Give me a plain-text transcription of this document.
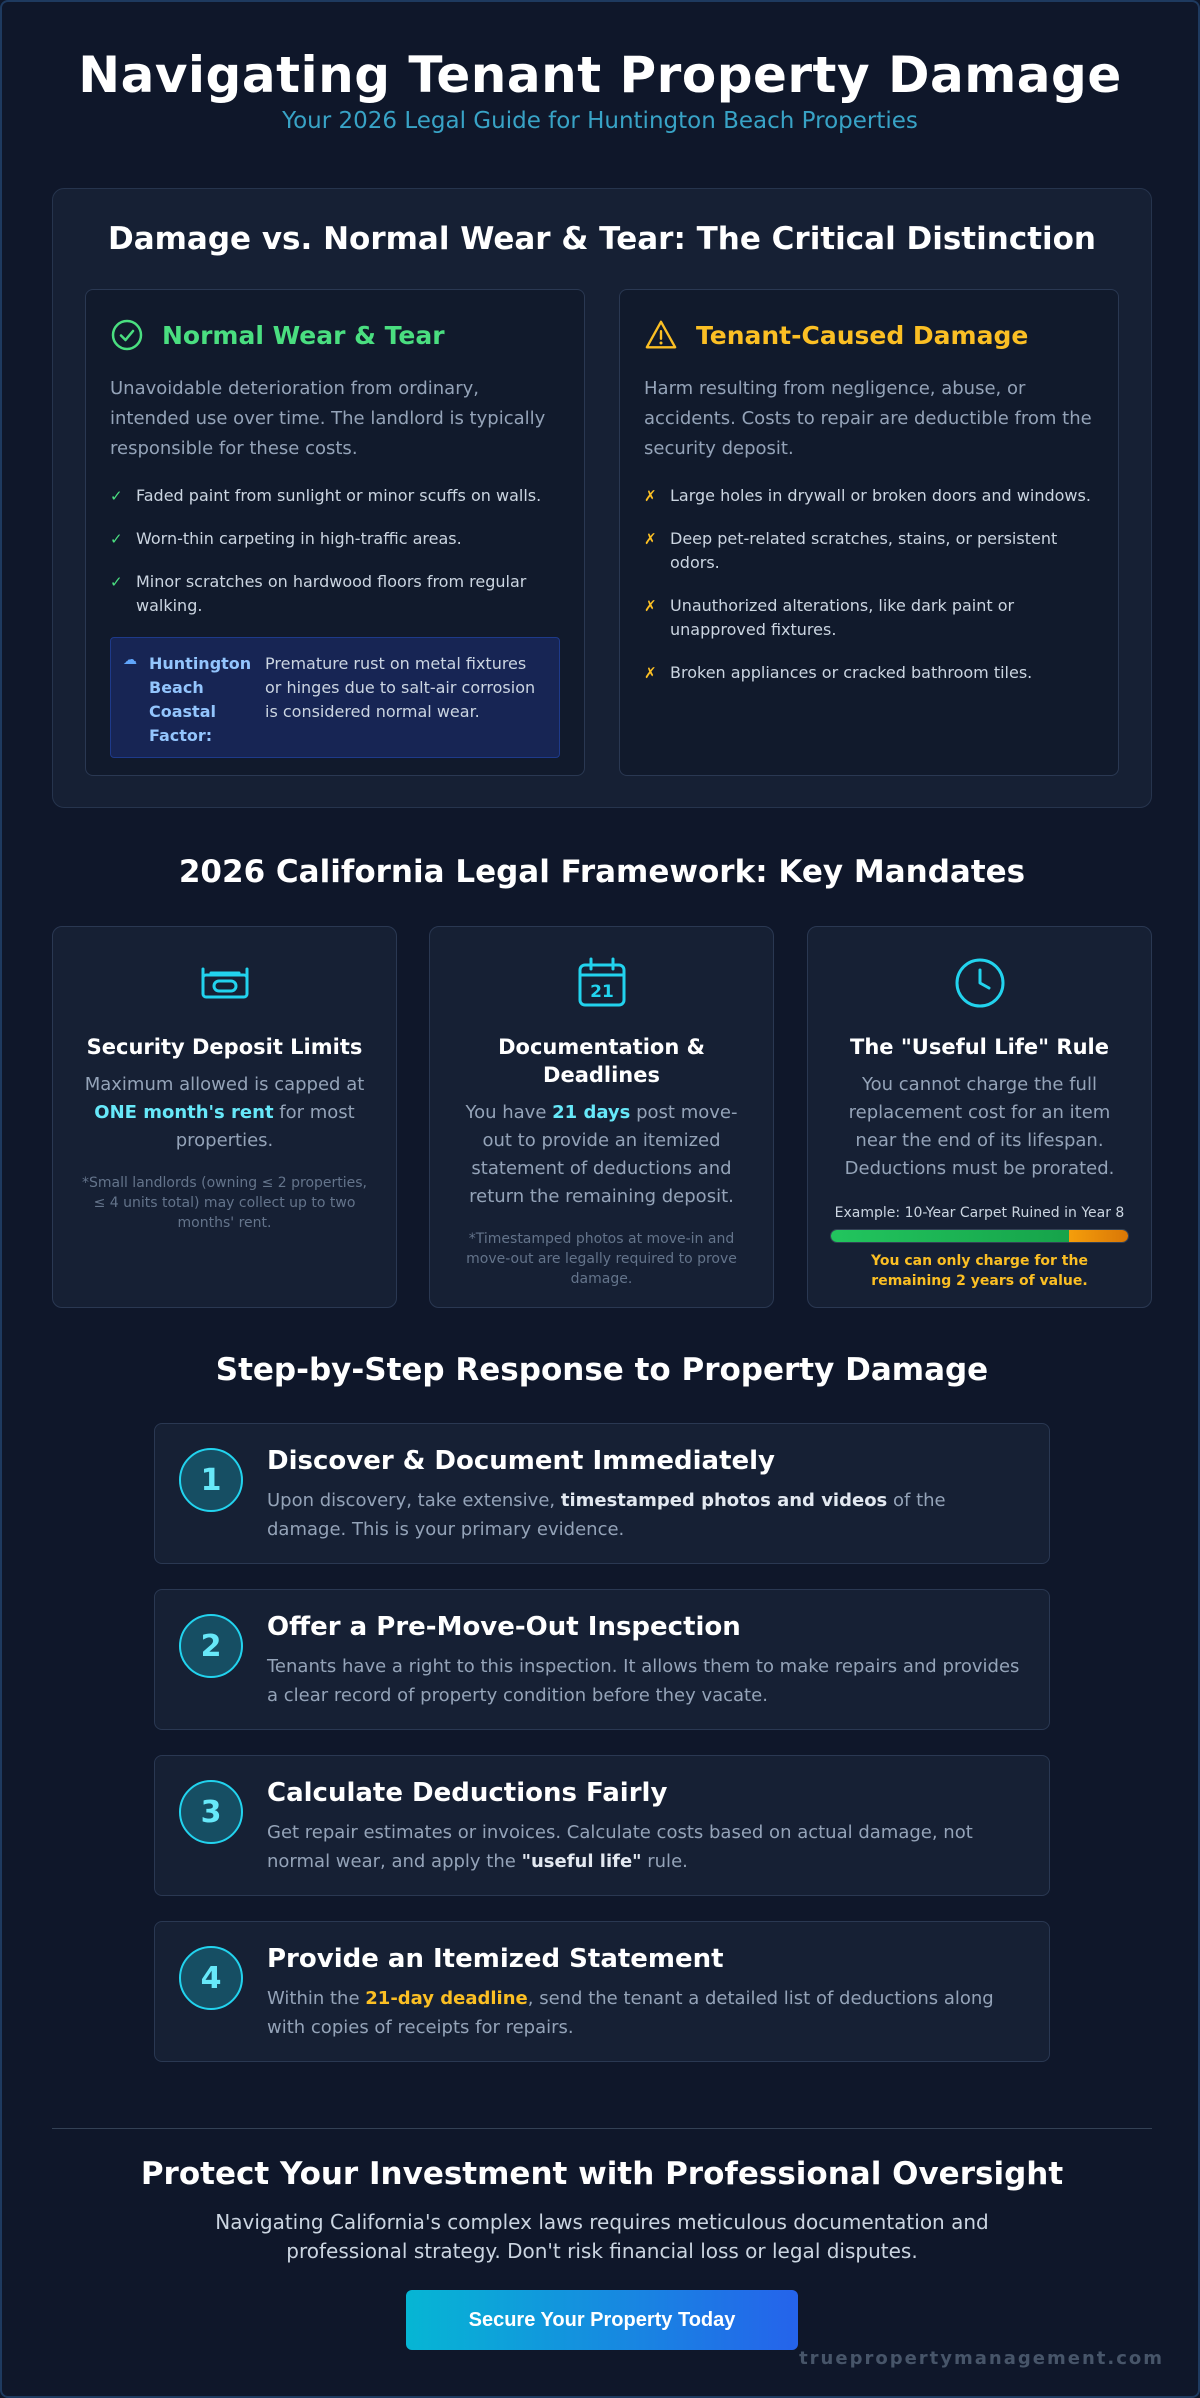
Navigating Tenant Property Damage
Your 2026 Legal Guide for Huntington Beach Properties
Damage vs. Normal Wear & Tear: The Critical Distinction
Normal Wear & Tear
Unavoidable deterioration from ordinary, intended use over time. The landlord is typically responsible for these costs.
✓ Faded paint from sunlight or minor scuffs on walls.
✓ Worn-thin carpeting in high-traffic areas.
✓ Minor scratches on hardwood floors from regular walking.
☁ Huntington Beach Coastal Factor:
Premature rust on metal fixtures or hinges due to salt-air corrosion is considered normal wear.
Tenant-Caused Damage
Harm resulting from negligence, abuse, or accidents. Costs to repair are deductible from the security deposit.
✗ Large holes in drywall or broken doors and windows.
✗ Deep pet-related scratches, stains, or persistent odors.
✗ Unauthorized alterations, like dark paint or unapproved fixtures.
✗ Broken appliances or cracked bathroom tiles.
2026 California Legal Framework: Key Mandates
Security Deposit Limits
Maximum allowed is capped at ONE month's rent for most properties.
*Small landlords (owning ≤ 2 properties, ≤ 4 units total) may collect up to two months' rent.
21
Documentation & Deadlines
You have 21 days post move-out to provide an itemized statement of deductions and return the remaining deposit.
*Timestamped photos at move-in and move-out are legally required to prove damage.
The "Useful Life" Rule
You cannot charge the full replacement cost for an item near the end of its lifespan. Deductions must be prorated.
Example: 10-Year Carpet Ruined in Year 8
You can only charge for the remaining 2 years of value.
Step-by-Step Response to Property Damage
1
Discover & Document Immediately
Upon discovery, take extensive, timestamped photos and videos of the damage. This is your primary evidence.
2
Offer a Pre-Move-Out Inspection
Tenants have a right to this inspection. It allows them to make repairs and provides a clear record of property condition before they vacate.
3
Calculate Deductions Fairly
Get repair estimates or invoices. Calculate costs based on actual damage, not normal wear, and apply the "useful life" rule.
4
Provide an Itemized Statement
Within the 21-day deadline, send the tenant a detailed list of deductions along with copies of receipts for repairs.
Protect Your Investment with Professional Oversight
Navigating California's complex laws requires meticulous documentation and professional strategy. Don't risk financial loss or legal disputes.
Secure Your Property Today
truepropertymanagement.com
